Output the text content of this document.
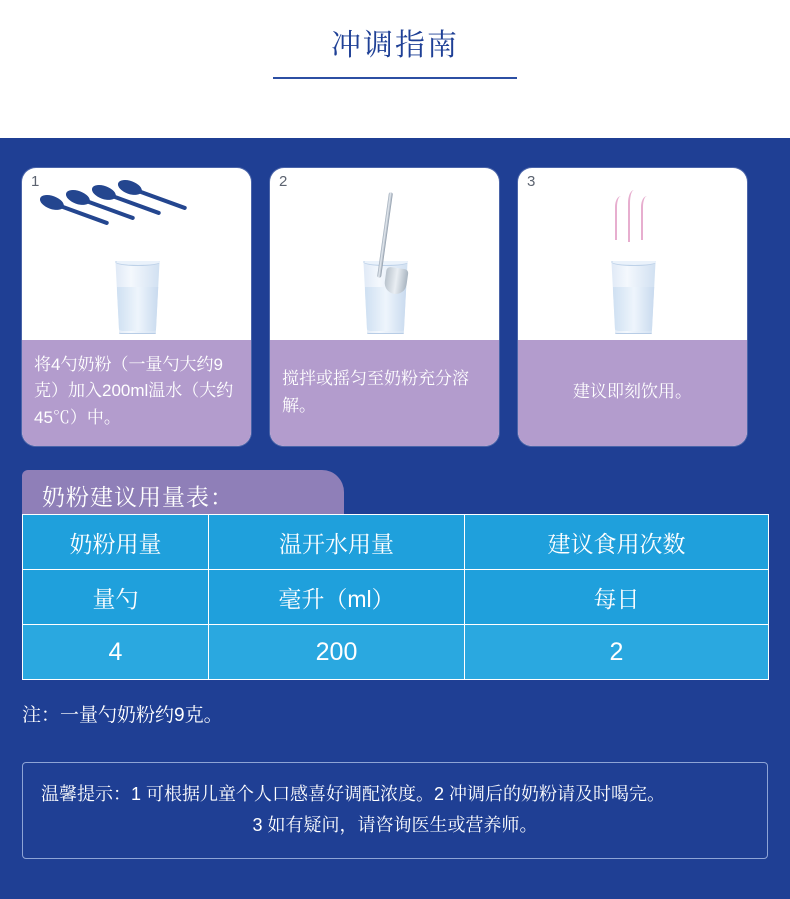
冲调指南
1
将4勺奶粉（一量勺大约9克）加入200ml温水（大约45℃）中。
2
搅拌或摇匀至奶粉充分溶解。
3
建议即刻饮用。
奶粉建议用量表：
奶粉用量	温开水用量	建议食用次数
量勺	毫升（ml）	每日
4	200	2
注：一量勺奶粉约9克。
温馨提示：1 可根据儿童个人口感喜好调配浓度。2 冲调后的奶粉请及时喝完。
3 如有疑问，请咨询医生或营养师。
